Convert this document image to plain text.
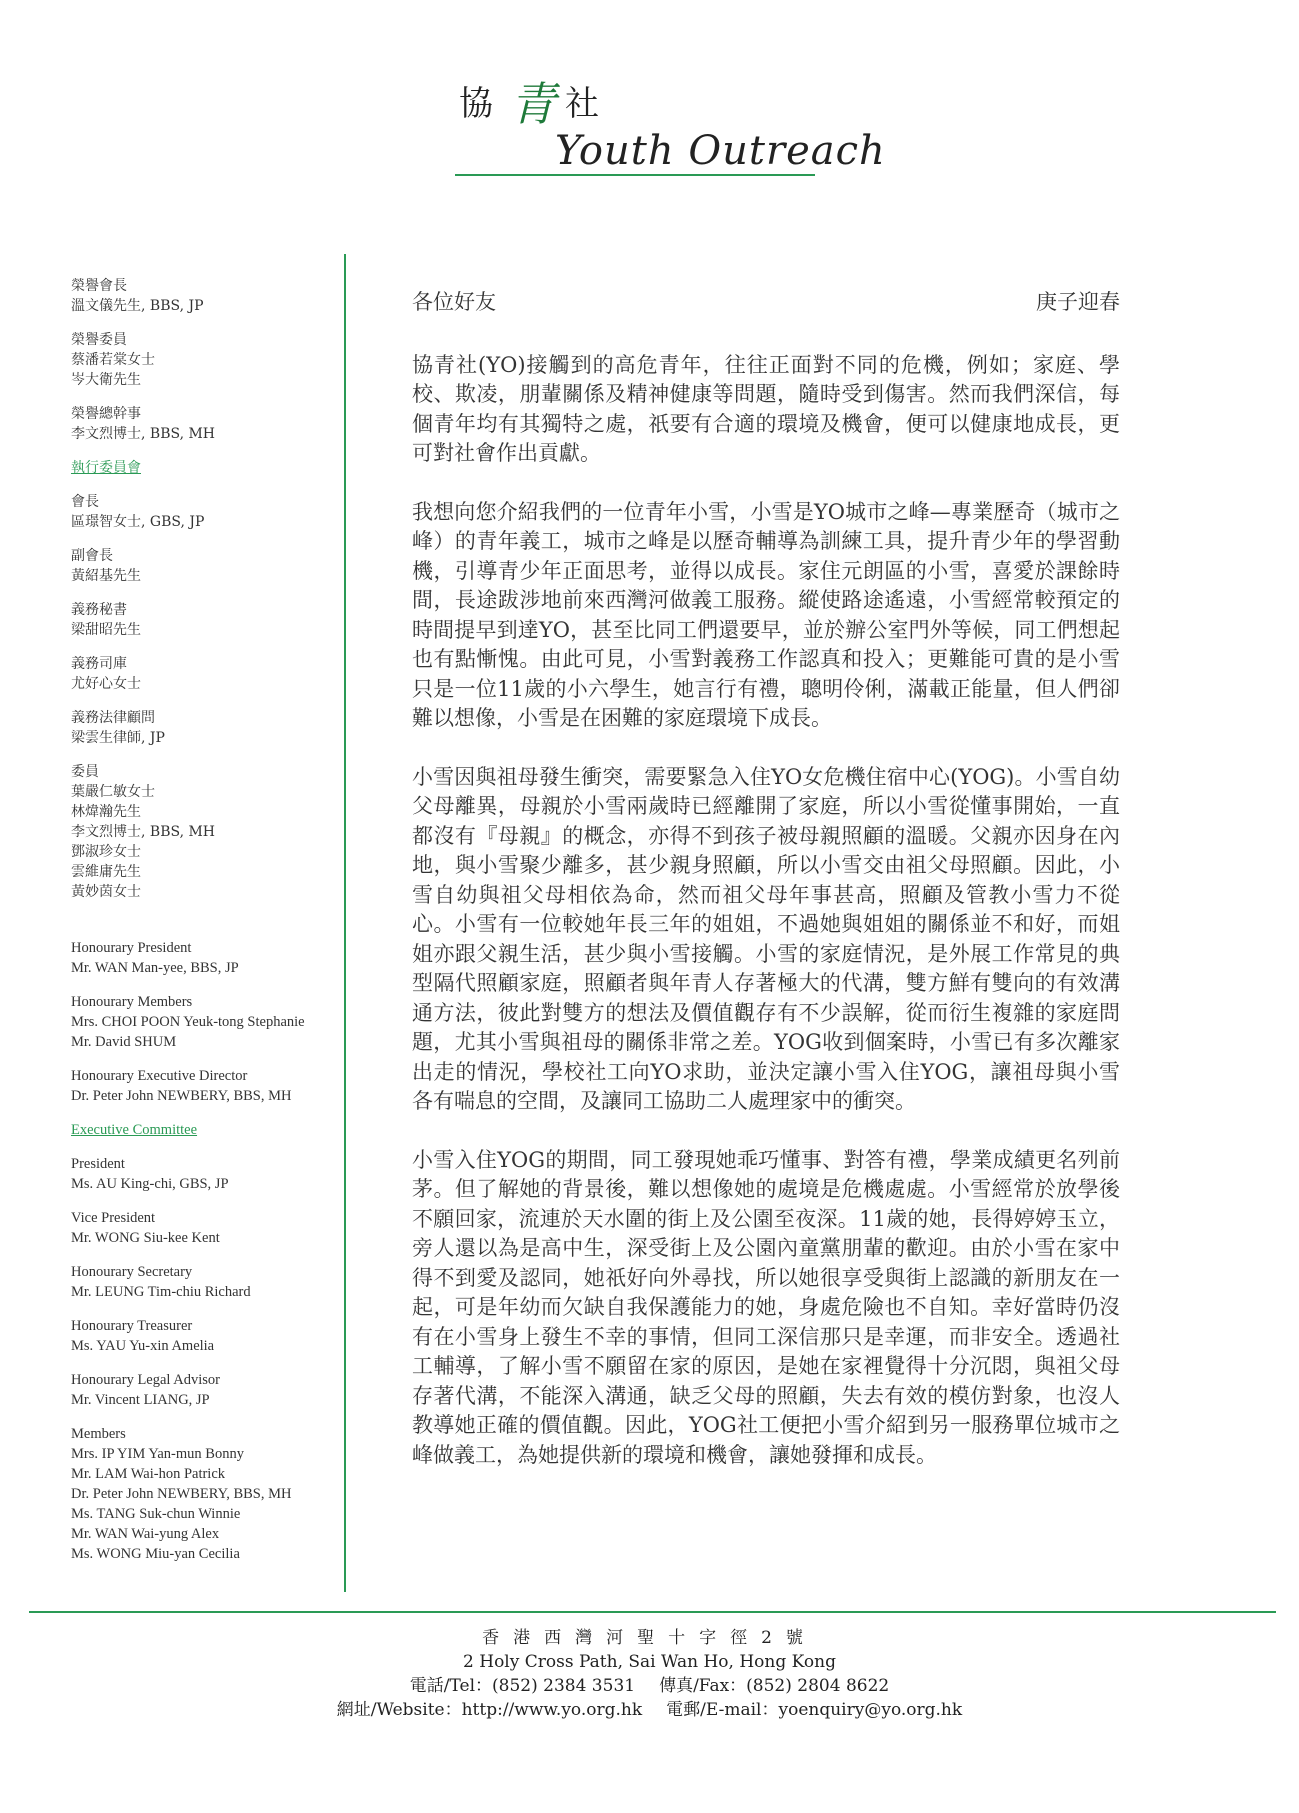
協 社
青
Youth Outreach
榮譽會長
溫文儀先生, BBS, JP
榮譽委員
蔡潘若棠女士
岑大衛先生
榮譽總幹事
李文烈博士, BBS, MH
執行委員會
會長
區璟智女士, GBS, JP
副會長
黃紹基先生
義務秘書
梁甜昭先生
義務司庫
尤好心女士
義務法律顧問
梁雲生律師, JP
委員
葉嚴仁敏女士
林煒瀚先生
李文烈博士, BBS, MH
鄧淑珍女士
雲維庸先生
黃妙茵女士
Honourary President
Mr. WAN Man-yee, BBS, JP
Honourary Members
Mrs. CHOI POON Yeuk-tong Stephanie
Mr. David SHUM
Honourary Executive Director
Dr. Peter John NEWBERY, BBS, MH
Executive Committee
President
Ms. AU King-chi, GBS, JP
Vice President
Mr. WONG Siu-kee Kent
Honourary Secretary
Mr. LEUNG Tim-chiu Richard
Honourary Treasurer
Ms. YAU Yu-xin Amelia
Honourary Legal Advisor
Mr. Vincent LIANG, JP
Members
Mrs. IP YIM Yan-mun Bonny
Mr. LAM Wai-hon Patrick
Dr. Peter John NEWBERY, BBS, MH
Ms. TANG Suk-chun Winnie
Mr. WAN Wai-yung Alex
Ms. WONG Miu-yan Cecilia
各位好友	庚子迎春

協青社(YO)接觸到的高危青年，往往正面對不同的危機，例如；家庭、學校、欺凌，朋輩關係及精神健康等問題，隨時受到傷害。然而我們深信，每個青年均有其獨特之處，祇要有合適的環境及機會，便可以健康地成長，更可對社會作出貢獻。

我想向您介紹我們的一位青年小雪，小雪是YO城市之峰—專業歷奇（城市之峰）的青年義工，城市之峰是以歷奇輔導為訓練工具，提升青少年的學習動機，引導青少年正面思考，並得以成長。家住元朗區的小雪，喜愛於課餘時間，長途跋涉地前來西灣河做義工服務。縱使路途遙遠，小雪經常較預定的時間提早到達YO，甚至比同工們還要早，並於辦公室門外等候，同工們想起也有點慚愧。由此可見，小雪對義務工作認真和投入；更難能可貴的是小雪只是一位11歲的小六學生，她言行有禮，聰明伶俐，滿載正能量，但人們卻難以想像，小雪是在困難的家庭環境下成長。

小雪因與祖母發生衝突，需要緊急入住YO女危機住宿中心(YOG)。小雪自幼父母離異，母親於小雪兩歲時已經離開了家庭，所以小雪從懂事開始，一直都沒有『母親』的概念，亦得不到孩子被母親照顧的溫暖。父親亦因身在內地，與小雪聚少離多，甚少親身照顧，所以小雪交由祖父母照顧。因此，小雪自幼與祖父母相依為命，然而祖父母年事甚高，照顧及管教小雪力不從心。小雪有一位較她年長三年的姐姐，不過她與姐姐的關係並不和好，而姐姐亦跟父親生活，甚少與小雪接觸。小雪的家庭情況，是外展工作常見的典型隔代照顧家庭，照顧者與年青人存著極大的代溝，雙方鮮有雙向的有效溝通方法，彼此對雙方的想法及價值觀存有不少誤解，從而衍生複雜的家庭問題，尤其小雪與祖母的關係非常之差。YOG收到個案時，小雪已有多次離家出走的情況，學校社工向YO求助，並決定讓小雪入住YOG，讓祖母與小雪各有喘息的空間，及讓同工協助二人處理家中的衝突。

小雪入住YOG的期間，同工發現她乖巧懂事、對答有禮，學業成績更名列前茅。但了解她的背景後，難以想像她的處境是危機處處。小雪經常於放學後不願回家，流連於天水圍的街上及公園至夜深。11歲的她，長得婷婷玉立，旁人還以為是高中生，深受街上及公園內童黨朋輩的歡迎。由於小雪在家中得不到愛及認同，她祇好向外尋找，所以她很享受與街上認識的新朋友在一起，可是年幼而欠缺自我保護能力的她，身處危險也不自知。幸好當時仍沒有在小雪身上發生不幸的事情，但同工深信那只是幸運，而非安全。透過社工輔導，了解小雪不願留在家的原因，是她在家裡覺得十分沉悶，與祖父母存著代溝，不能深入溝通，缺乏父母的照顧，失去有效的模仿對象，也沒人教導她正確的價值觀。因此，YOG社工便把小雪介紹到另一服務單位城市之峰做義工，為她提供新的環境和機會，讓她發揮和成長。

香港西灣河聖十字徑2號
2 Holy Cross Path, Sai Wan Ho, Hong Kong
電話/Tel：(852) 2384 3531 傳真/Fax：(852) 2804 8622
網址/Website：http://www.yo.org.hk 電郵/E-mail：yoenquiry@yo.org.hk
